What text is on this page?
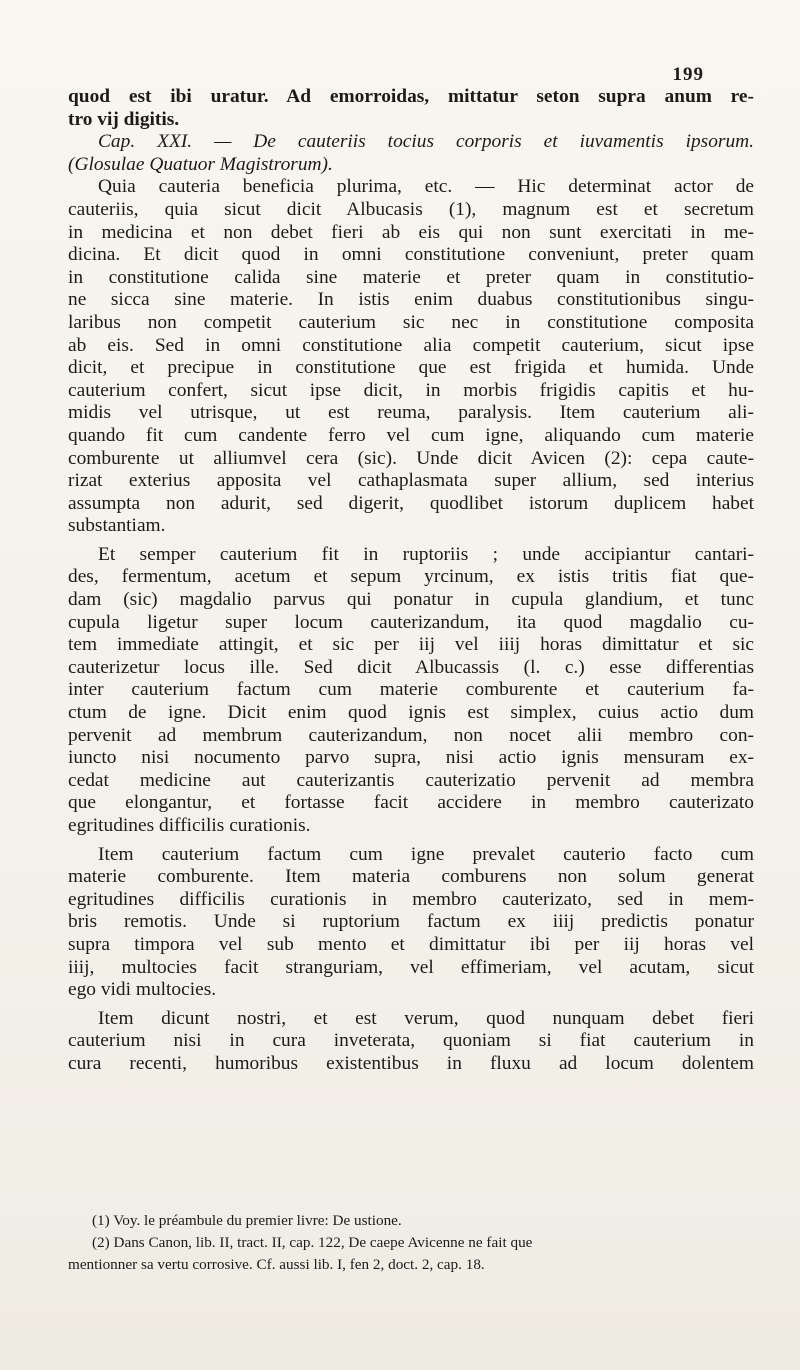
199
quod est ibi uratur. Ad emorroidas, mittatur seton supra anum re-
tro vij digitis.
Cap. XXI. — De cauteriis tocius corporis et iuvamentis ipsorum.
(Glosulae Quatuor Magistrorum).
Quia cauteria beneficia plurima, etc. — Hic determinat actor de
cauteriis, quia sicut dicit Albucasis (1), magnum est et secretum
in medicina et non debet fieri ab eis qui non sunt exercitati in me-
dicina. Et dicit quod in omni constitutione conveniunt, preter quam
in constitutione calida sine materie et preter quam in constitutio-
ne sicca sine materie. In istis enim duabus constitutionibus singu-
laribus non competit cauterium sic nec in constitutione composita
ab eis. Sed in omni constitutione alia competit cauterium, sicut ipse
dicit, et precipue in constitutione que est frigida et humida. Unde
cauterium confert, sicut ipse dicit, in morbis frigidis capitis et hu-
midis vel utrisque, ut est reuma, paralysis. Item cauterium ali-
quando fit cum candente ferro vel cum igne, aliquando cum materie
comburente ut alliumvel cera (sic). Unde dicit Avicen (2): cepa caute-
rizat exterius apposita vel cathaplasmata super allium, sed interius
assumpta non adurit, sed digerit, quodlibet istorum duplicem habet
substantiam.
Et semper cauterium fit in ruptoriis ; unde accipiantur cantari-
des, fermentum, acetum et sepum yrcinum, ex istis tritis fiat que-
dam (sic) magdalio parvus qui ponatur in cupula glandium, et tunc
cupula ligetur super locum cauterizandum, ita quod magdalio cu-
tem immediate attingit, et sic per iij vel iiij horas dimittatur et sic
cauterizetur locus ille. Sed dicit Albucassis (l. c.) esse differentias
inter cauterium factum cum materie comburente et cauterium fa-
ctum de igne. Dicit enim quod ignis est simplex, cuius actio dum
pervenit ad membrum cauterizandum, non nocet alii membro con-
iuncto nisi nocumento parvo supra, nisi actio ignis mensuram ex-
cedat medicine aut cauterizantis cauterizatio pervenit ad membra
que elongantur, et fortasse facit accidere in membro cauterizato
egritudines difficilis curationis.
Item cauterium factum cum igne prevalet cauterio facto cum
materie comburente. Item materia comburens non solum generat
egritudines difficilis curationis in membro cauterizato, sed in mem-
bris remotis. Unde si ruptorium factum ex iiij predictis ponatur
supra timpora vel sub mento et dimittatur ibi per iij horas vel
iiij, multocies facit stranguriam, vel effimeriam, vel acutam, sicut
ego vidi multocies.
Item dicunt nostri, et est verum, quod nunquam debet fieri
cauterium nisi in cura inveterata, quoniam si fiat cauterium in
cura recenti, humoribus existentibus in fluxu ad locum dolentem
(1) Voy. le préambule du premier livre: De ustione.
(2) Dans Canon, lib. II, tract. II, cap. 122, De caepe Avicenne ne fait que
mentionner sa vertu corrosive. Cf. aussi lib. I, fen 2, doct. 2, cap. 18.
